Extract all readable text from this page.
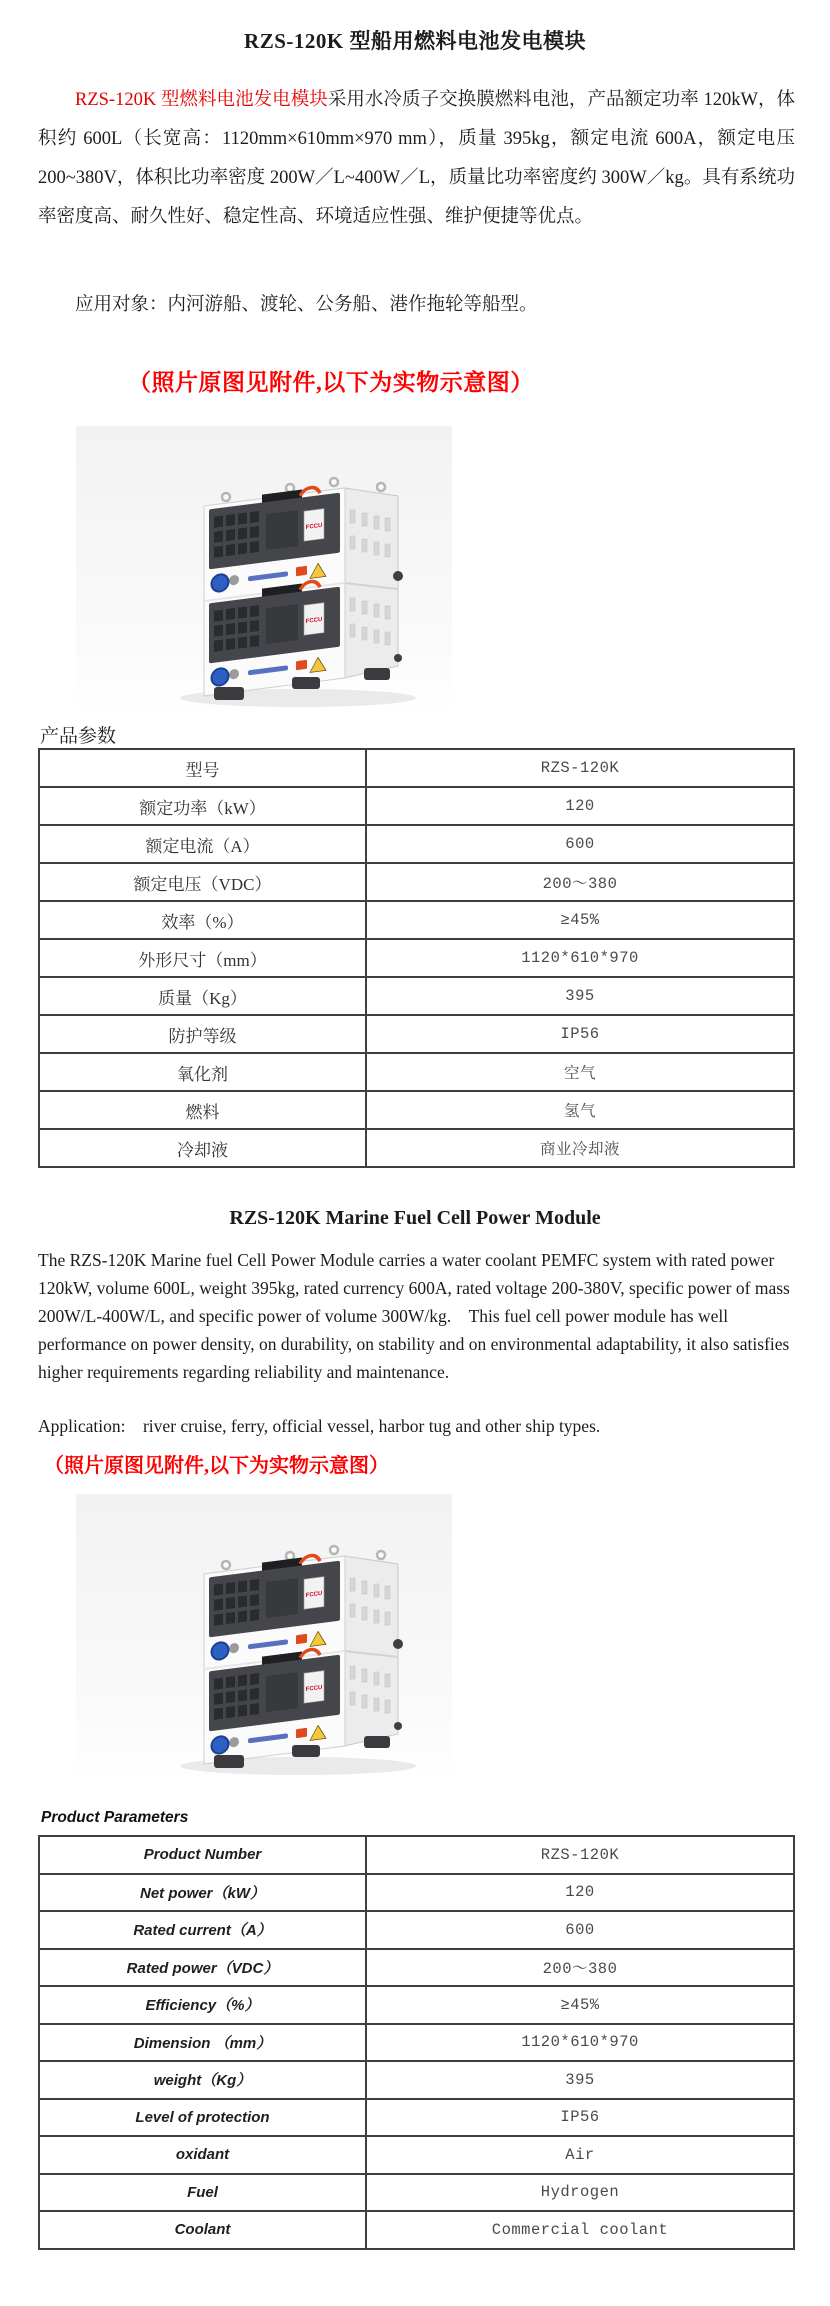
RZS-120K 型船用燃料电池发电模块
RZS-120K 型燃料电池发电模块采用水冷质子交换膜燃料电池，产品额定功率 120kW，体积约 600L（长宽高：1120mm×610mm×970 mm），质量 395kg，额定电流 600A，额定电压 200~380V，体积比功率密度 200W／L~400W／L，质量比功率密度约 300W／kg。具有系统功率密度高、耐久性好、稳定性高、环境适应性强、维护便捷等优点。
应用对象：内河游船、渡轮、公务船、港作拖轮等船型。
（照片原图见附件,以下为实物示意图）
产品参数
型号	RZS-120K
额定功率（kW）	120
额定电流（A）	600
额定电压（VDC）	200～380
效率（%）	≥45%
外形尺寸（mm）	1120*610*970
质量（Kg）	395
防护等级	IP56
氧化剂	空气
燃料	氢气
冷却液	商业冷却液
RZS-120K Marine Fuel Cell Power Module
The RZS-120K Marine fuel Cell Power Module carries a water coolant PEMFC system with rated power 120kW, volume 600L, weight 395kg, rated currency 600A, rated voltage 200-380V, specific power of mass 200W/L-400W/L, and specific power of volume 300W/kg.　This fuel cell power module has well performance on power density, on durability, on stability and on environmental adaptability, it also satisfies higher requirements regarding reliability and maintenance.
Application:　river cruise, ferry, official vessel, harbor tug and other ship types.
（照片原图见附件,以下为实物示意图）
Product Parameters
Product Number	RZS-120K
Net power（kW）	120
Rated current（A）	600
Rated power（VDC）	200～380
Efficiency（%）	≥45%
Dimension （mm）	1120*610*970
weight（Kg）	395
Level of protection	IP56
oxidant	Air
Fuel	Hydrogen
Coolant	Commercial coolant
